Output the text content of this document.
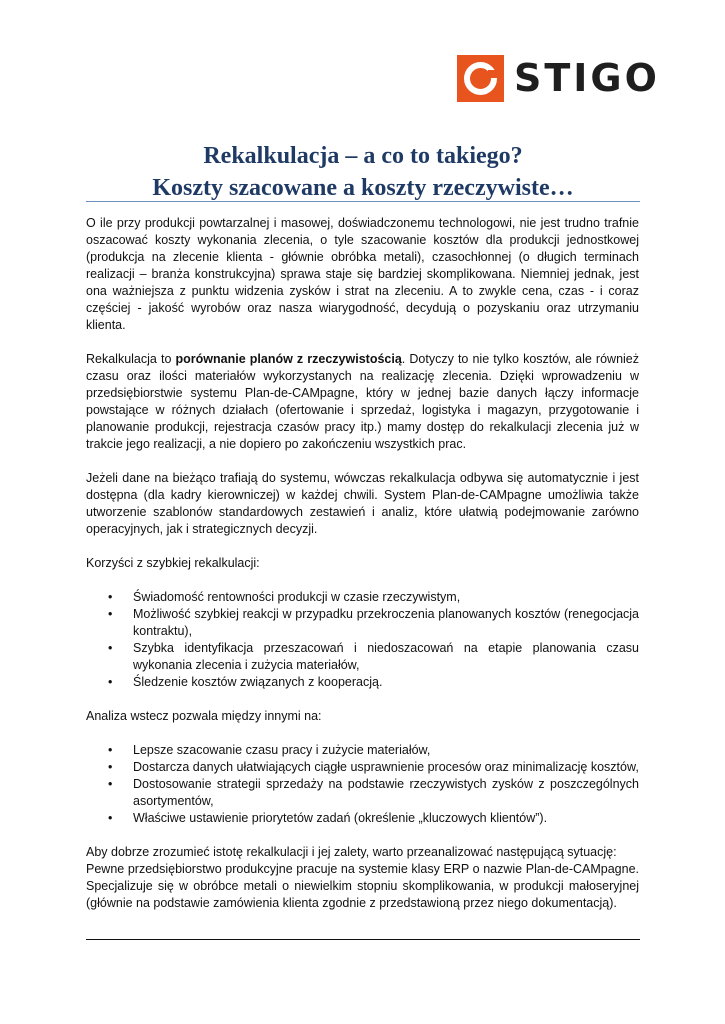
STIGO
Rekalkulacja – a co to takiego?
Koszty szacowane a koszty rzeczywiste…

O ile przy produkcji powtarzalnej i masowej, doświadczonemu technologowi, nie jest trudno trafnie oszacować koszty wykonania zlecenia, o tyle szacowanie kosztów dla produkcji jednostkowej (produkcja na zlecenie klienta - głównie obróbka metali), czasochłonnej (o długich terminach realizacji – branża konstrukcyjna) sprawa staje się bardziej skomplikowana. Niemniej jednak, jest ona ważniejsza z punktu widzenia zysków i strat na zleceniu. A to zwykle cena, czas - i coraz częściej - jakość wyrobów oraz nasza wiarygodność, decydują o pozyskaniu oraz utrzymaniu klienta.

Rekalkulacja to porównanie planów z rzeczywistością. Dotyczy to nie tylko kosztów, ale również czasu oraz ilości materiałów wykorzystanych na realizację zlecenia. Dzięki wprowadzeniu w przedsiębiorstwie systemu Plan-de-CAMpagne, który w jednej bazie danych łączy informacje powstające w różnych działach (ofertowanie i sprzedaż, logistyka i magazyn, przygotowanie i planowanie produkcji, rejestracja czasów pracy itp.) mamy dostęp do rekalkulacji zlecenia już w trakcie jego realizacji, a nie dopiero po zakończeniu wszystkich prac.

Jeżeli dane na bieżąco trafiają do systemu, wówczas rekalkulacja odbywa się automatycznie i jest dostępna (dla kadry kierowniczej) w każdej chwili. System Plan-de-CAMpagne umożliwia także utworzenie szablonów standardowych zestawień i analiz, które ułatwią podejmowanie zarówno operacyjnych, jak i strategicznych decyzji.

Korzyści z szybkiej rekalkulacji:

• Świadomość rentowności produkcji w czasie rzeczywistym,
• Możliwość szybkiej reakcji w przypadku przekroczenia planowanych kosztów (renegocjacja kontraktu),
• Szybka identyfikacja przeszacowań i niedoszacowań na etapie planowania czasu wykonania zlecenia i zużycia materiałów,
• Śledzenie kosztów związanych z kooperacją.

Analiza wstecz pozwala między innymi na:

• Lepsze szacowanie czasu pracy i zużycie materiałów,
• Dostarcza danych ułatwiających ciągłe usprawnienie procesów oraz minimalizację kosztów,
• Dostosowanie strategii sprzedaży na podstawie rzeczywistych zysków z poszczególnych asortymentów,
• Właściwe ustawienie priorytetów zadań (określenie „kluczowych klientów”).

Aby dobrze zrozumieć istotę rekalkulacji i jej zalety, warto przeanalizować następującą sytuację:

Pewne przedsiębiorstwo produkcyjne pracuje na systemie klasy ERP o nazwie Plan-de-CAMpagne. Specjalizuje się w obróbce metali o niewielkim stopniu skomplikowania, w produkcji małoseryjnej (głównie na podstawie zamówienia klienta zgodnie z przedstawioną przez niego dokumentacją).
